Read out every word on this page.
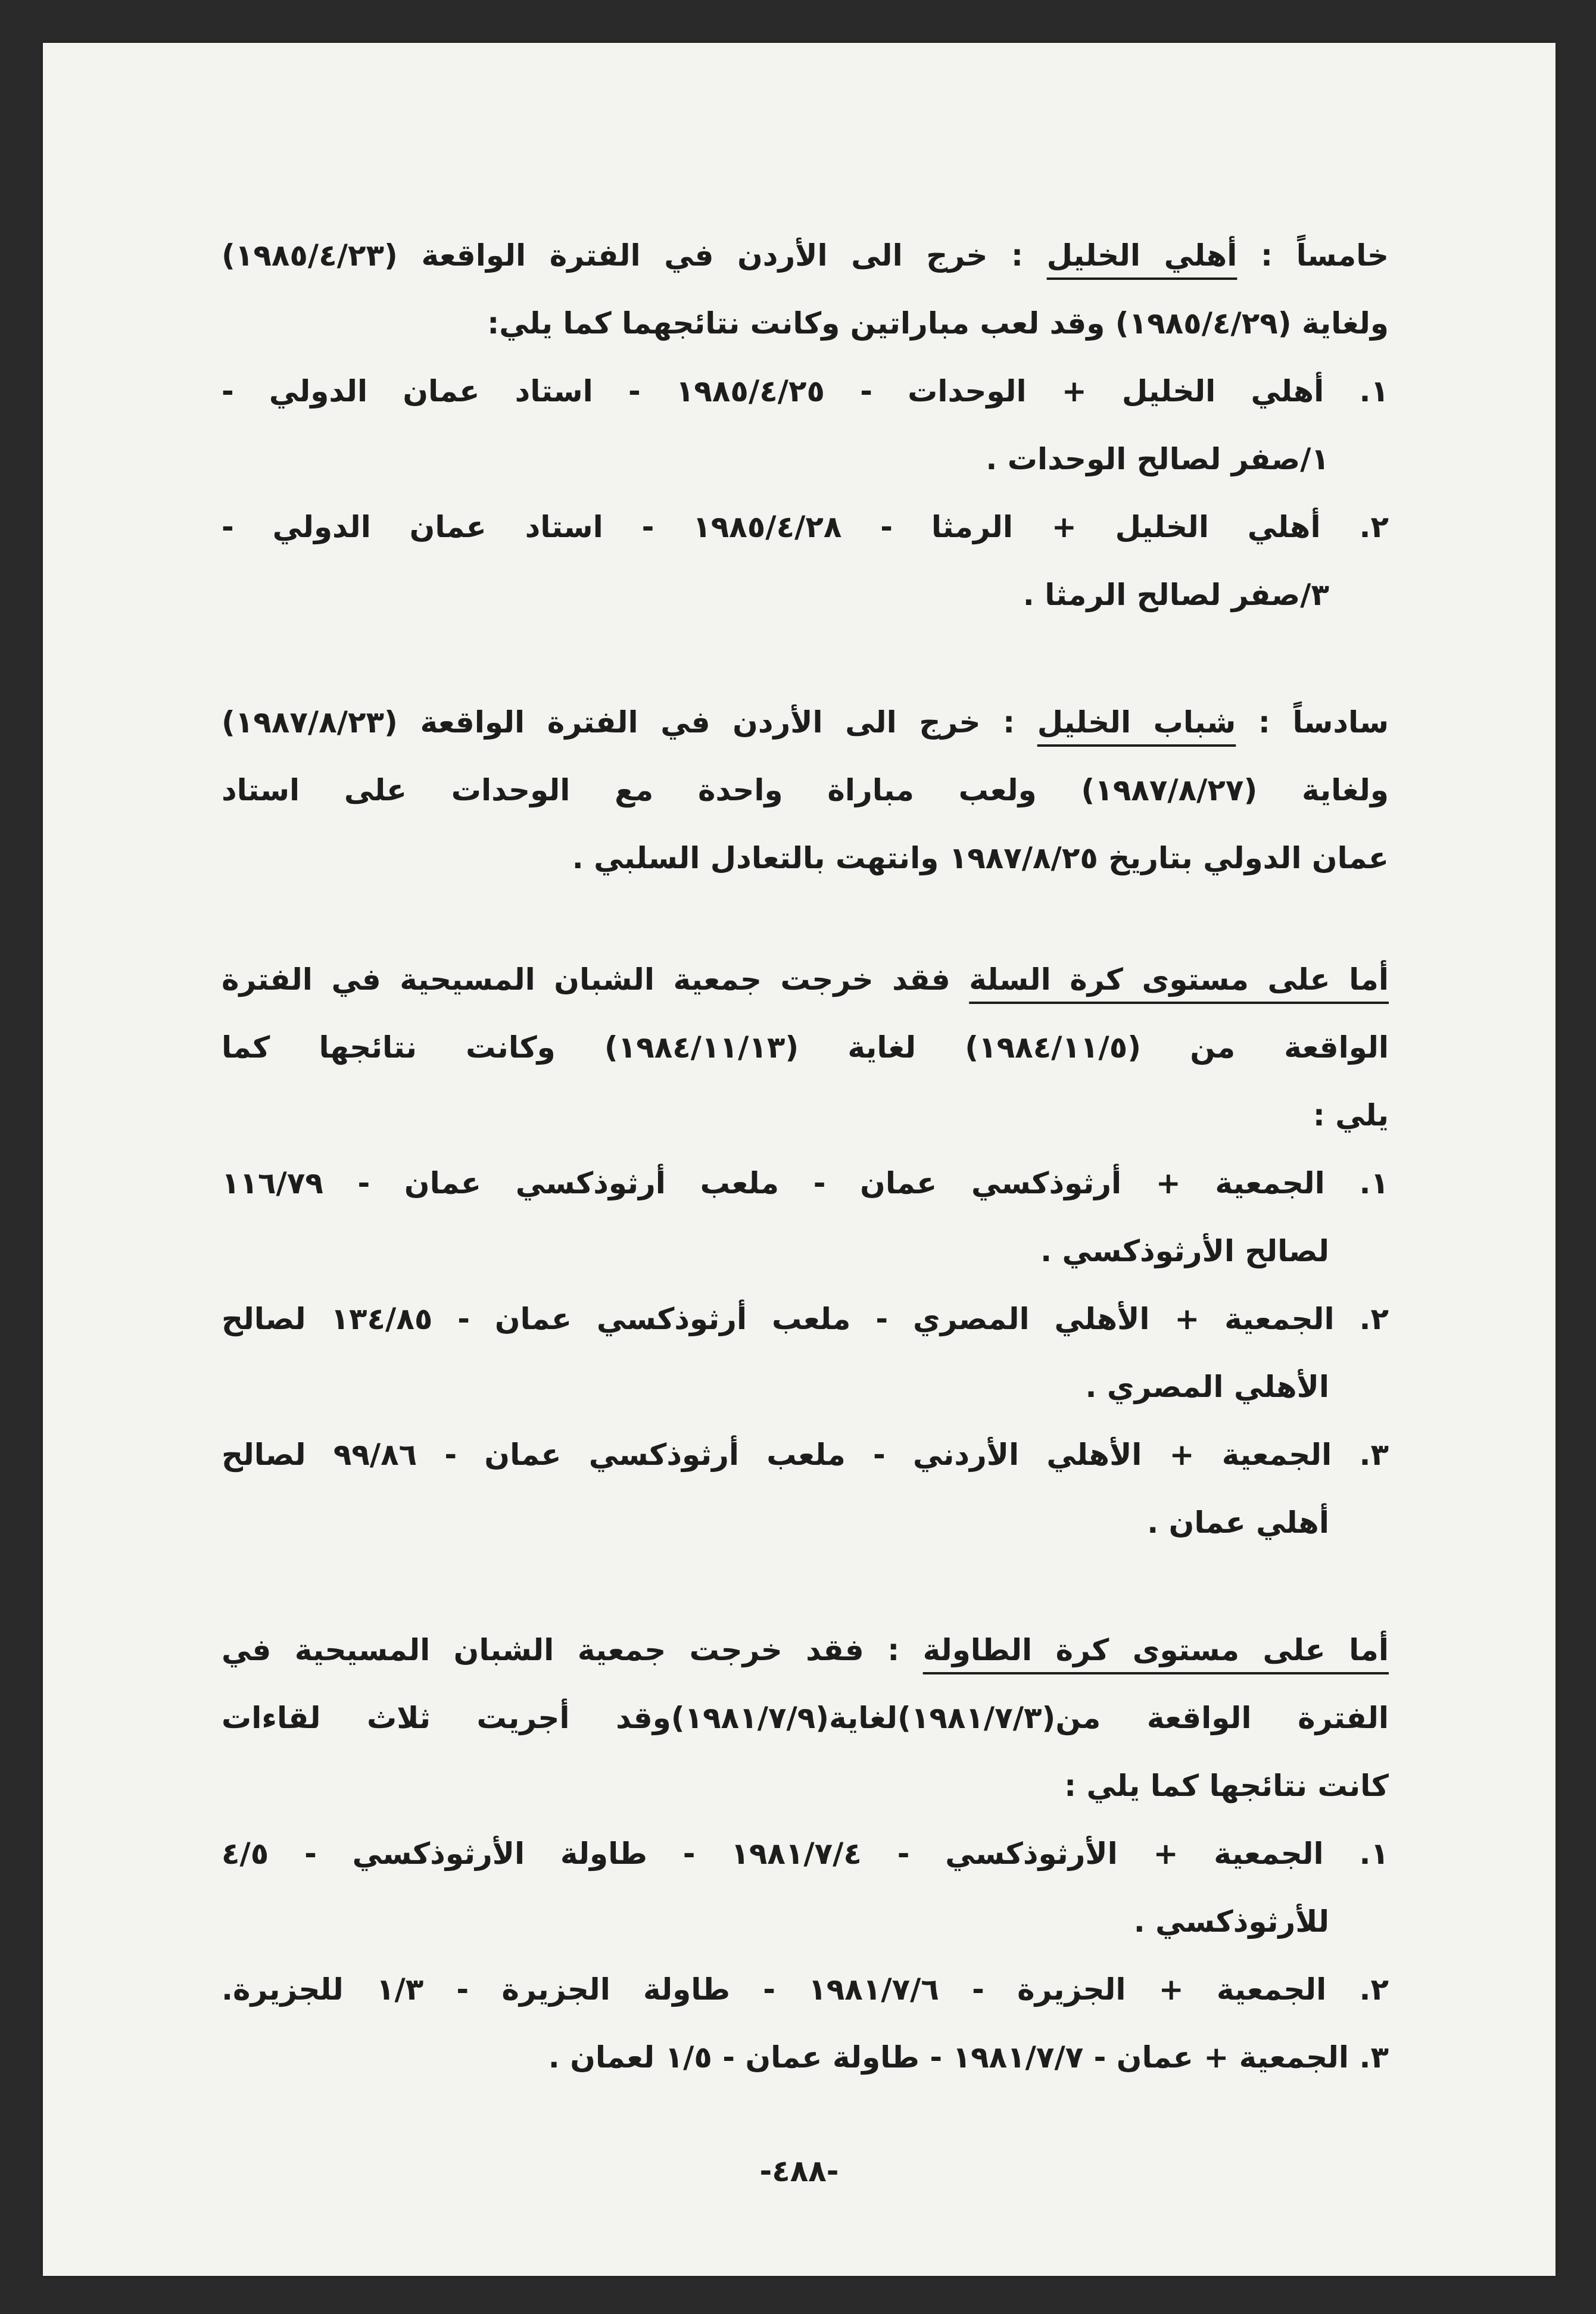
خامساً : أهلي الخليل : خرج الى الأردن في الفترة الواقعة (١٩٨٥/٤/٢٣)
ولغاية (١٩٨٥/٤/٢٩) وقد لعب مباراتين وكانت نتائجهما كما يلي:
١. أهلي الخليل + الوحدات - ١٩٨٥/٤/٢٥ - استاد عمان الدولي -
١/صفر لصالح الوحدات .
٢. أهلي الخليل + الرمثا - ١٩٨٥/٤/٢٨ - استاد عمان الدولي -
٣/صفر لصالح الرمثا .
سادساً : شباب الخليل : خرج الى الأردن في الفترة الواقعة (١٩٨٧/٨/٢٣)
ولغاية (١٩٨٧/٨/٢٧) ولعب مباراة واحدة مع الوحدات على استاد
عمان الدولي بتاريخ ١٩٨٧/٨/٢٥ وانتهت بالتعادل السلبي .
أما على مستوى كرة السلة فقد خرجت جمعية الشبان المسيحية في الفترة
الواقعة من (١٩٨٤/١١/٥) لغاية (١٩٨٤/١١/١٣) وكانت نتائجها كما
يلي :
١. الجمعية + أرثوذكسي عمان - ملعب أرثوذكسي عمان - ١١٦/٧٩
لصالح الأرثوذكسي .
٢. الجمعية + الأهلي المصري - ملعب أرثوذكسي عمان - ١٣٤/٨٥ لصالح
الأهلي المصري .
٣. الجمعية + الأهلي الأردني - ملعب أرثوذكسي عمان - ٩٩/٨٦ لصالح
أهلي عمان .
أما على مستوى كرة الطاولة : فقد خرجت جمعية الشبان المسيحية في
الفترة الواقعة من(١٩٨١/٧/٣)لغاية(١٩٨١/٧/٩)وقد أجريت ثلاث لقاءات
كانت نتائجها كما يلي :
١. الجمعية + الأرثوذكسي - ١٩٨١/٧/٤ - طاولة الأرثوذكسي - ٤/٥
للأرثوذكسي .
٢. الجمعية + الجزيرة - ١٩٨١/٧/٦ - طاولة الجزيرة - ١/٣ للجزيرة.
٣. الجمعية + عمان - ١٩٨١/٧/٧ - طاولة عمان - ١/٥ لعمان .
-٤٨٨-
